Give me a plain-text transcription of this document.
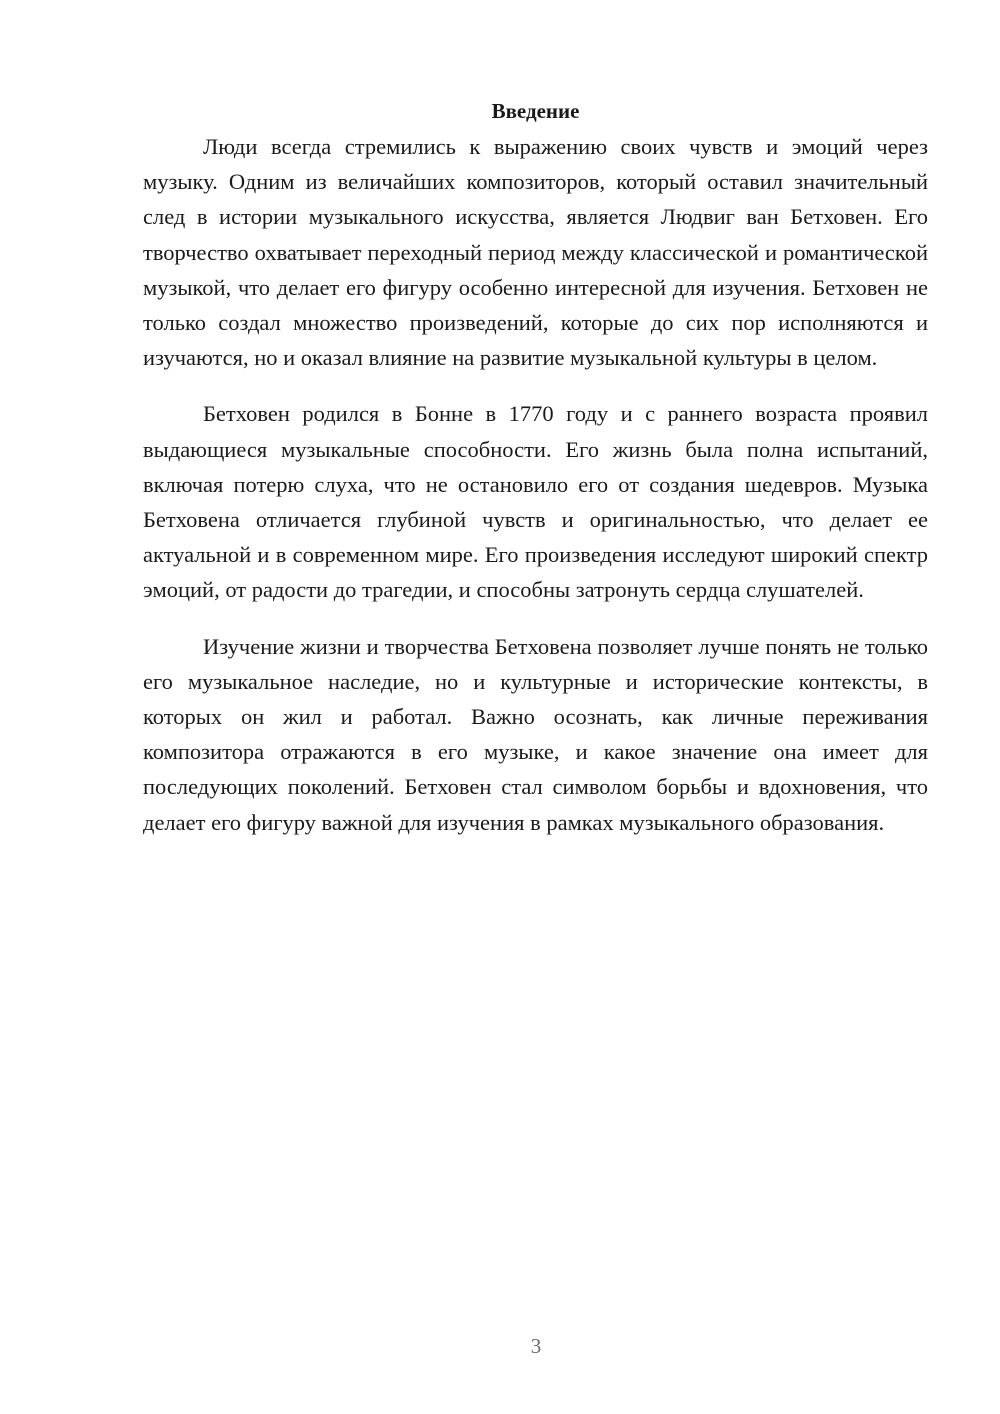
Введение

Люди всегда стремились к выражению своих чувств и эмоций через музыку. Одним из величайших композиторов, который оставил значительный след в истории музыкального искусства, является Людвиг ван Бетховен. Его творчество охватывает переходный период между классической и романтической музыкой, что делает его фигуру особенно интересной для изучения. Бетховен не только создал множество произведений, которые до сих пор исполняются и изучаются, но и оказал влияние на развитие музыкальной культуры в целом.

Бетховен родился в Бонне в 1770 году и с раннего возраста проявил выдающиеся музыкальные способности. Его жизнь была полна испытаний, включая потерю слуха, что не остановило его от создания шедевров. Музыка Бетховена отличается глубиной чувств и оригинальностью, что делает ее актуальной и в современном мире. Его произведения исследуют широкий спектр эмоций, от радости до трагедии, и способны затронуть сердца слушателей.

Изучение жизни и творчества Бетховена позволяет лучше понять не только его музыкальное наследие, но и культурные и исторические контексты, в которых он жил и работал. Важно осознать, как личные переживания композитора отражаются в его музыке, и какое значение она имеет для последующих поколений. Бетховен стал символом борьбы и вдохновения, что делает его фигуру важной для изучения в рамках музыкального образования.

3
